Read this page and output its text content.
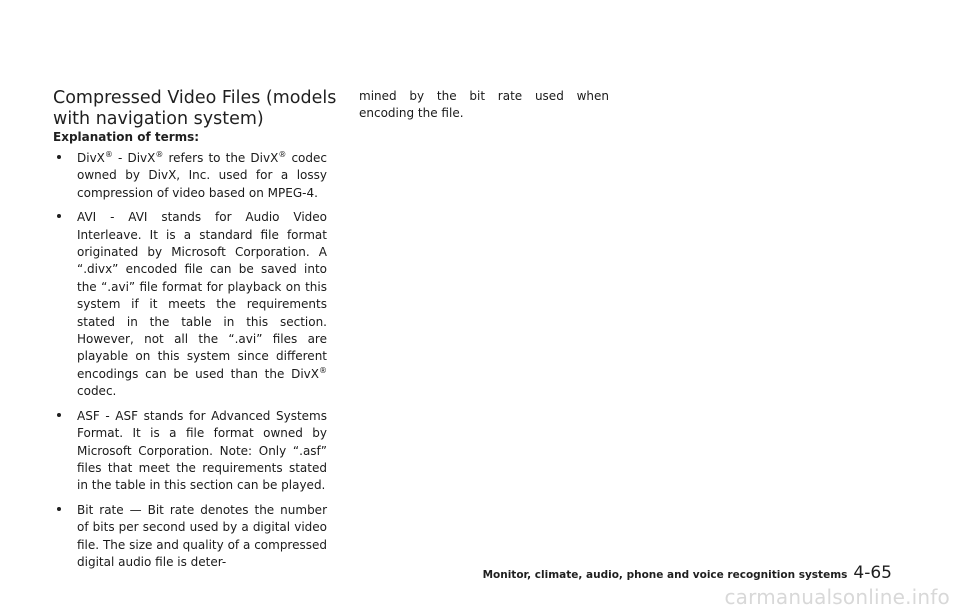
Compressed Video Files (models with navigation system)
Explanation of terms:
DivX® - DivX® refers to the DivX® codec owned by DivX, Inc. used for a lossy compression of video based on MPEG-4.
AVI - AVI stands for Audio Video Interleave. It is a standard file format originated by Microsoft Corporation. A “.divx” encoded file can be saved into the “.avi” file format for playback on this system if it meets the requirements stated in the table in this section. However, not all the “.avi” files are playable on this system since different encodings can be used than the DivX® codec.
ASF - ASF stands for Advanced Systems Format. It is a file format owned by Microsoft Corporation. Note: Only “.asf” files that meet the requirements stated in the table in this section can be played.
Bit rate — Bit rate denotes the number of bits per second used by a digital video file. The size and quality of a compressed digital audio file is deter-
mined by the bit rate used when
encoding the file.
Monitor, climate, audio, phone and voice recognition systems 4-65
carmanualsonline.info
